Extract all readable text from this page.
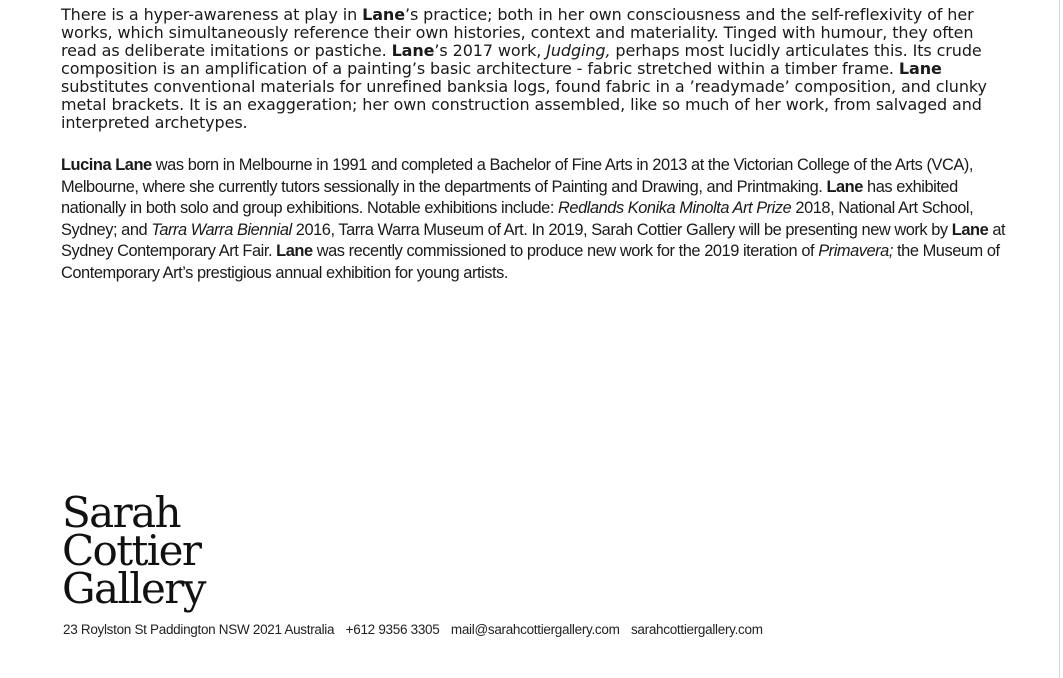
There is a hyper-awareness at play in Lane’s practice; both in her own consciousness and the self-reflexivity of her works, which simultaneously reference their own histories, context and materiality. Tinged with humour, they often read as deliberate imitations or pastiche. Lane’s 2017 work, Judging, perhaps most lucidly articulates this. Its crude composition is an amplification of a painting’s basic architecture - fabric stretched within a timber frame. Lane substitutes conventional materials for unrefined banksia logs, found fabric in a ’readymade’ composition, and clunky metal brackets. It is an exaggeration; her own construction assembled, like so much of her work, from salvaged and interpreted archetypes.

Lucina Lane was born in Melbourne in 1991 and completed a Bachelor of Fine Arts in 2013 at the Victorian College of the Arts (VCA), Melbourne, where she currently tutors sessionally in the departments of Painting and Drawing, and Printmaking. Lane has exhibited nationally in both solo and group exhibitions. Notable exhibitions include: Redlands Konika Minolta Art Prize 2018, National Art School, Sydney; and Tarra Warra Biennial 2016, Tarra Warra Museum of Art. In 2019, Sarah Cottier Gallery will be presenting new work by Lane at Sydney Contemporary Art Fair. Lane was recently commissioned to produce new work for the 2019 iteration of Primavera; the Museum of Contemporary Art’s prestigious annual exhibition for young artists.

Sarah
Cottier
Gallery
23 Roylston St Paddington NSW 2021 Australia +612 9356 3305 mail@sarahcottiergallery.com sarahcottiergallery.com
